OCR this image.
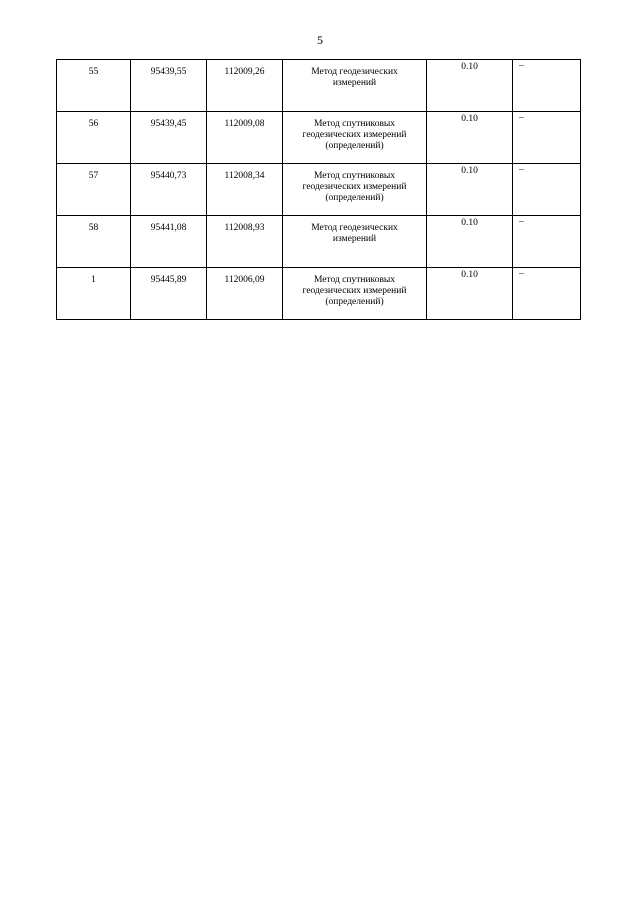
5
55	95439,55	112009,26	Метод геодезических измерений	0.10	–
56	95439,45	112009,08	Метод спутниковых геодезических измерений (определений)	0.10	–
57	95440,73	112008,34	Метод спутниковых геодезических измерений (определений)	0.10	–
58	95441,08	112008,93	Метод геодезических измерений	0.10	–
1	95445,89	112006,09	Метод спутниковых геодезических измерений (определений)	0.10	–
